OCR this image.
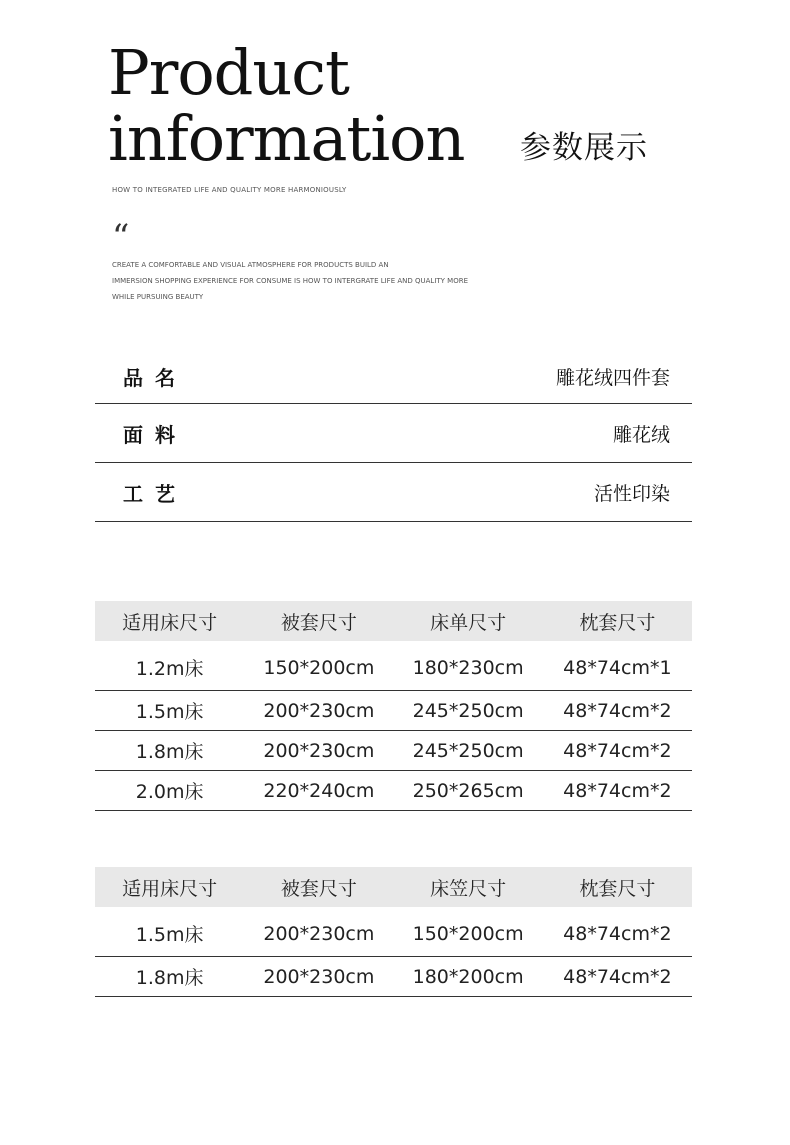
Product
information 参数展示
HOW TO INTEGRATED LIFE AND QUALITY MORE HARMONIOUSLY
“
CREATE A COMFORTABLE AND VISUAL ATMOSPHERE FOR PRODUCTS BUILD AN
IMMERSION SHOPPING EXPERIENCE FOR CONSUME IS HOW TO INTERGRATE LIFE AND QUALITY MORE
WHILE PURSUING BEAUTY
品名	雕花绒四件套
面料	雕花绒
工艺	活性印染
适用床尺寸	被套尺寸	床单尺寸	枕套尺寸
1.2m床	150*200cm	180*230cm	48*74cm*1
1.5m床	200*230cm	245*250cm	48*74cm*2
1.8m床	200*230cm	245*250cm	48*74cm*2
2.0m床	220*240cm	250*265cm	48*74cm*2
适用床尺寸	被套尺寸	床笠尺寸	枕套尺寸
1.5m床	200*230cm	150*200cm	48*74cm*2
1.8m床	200*230cm	180*200cm	48*74cm*2
